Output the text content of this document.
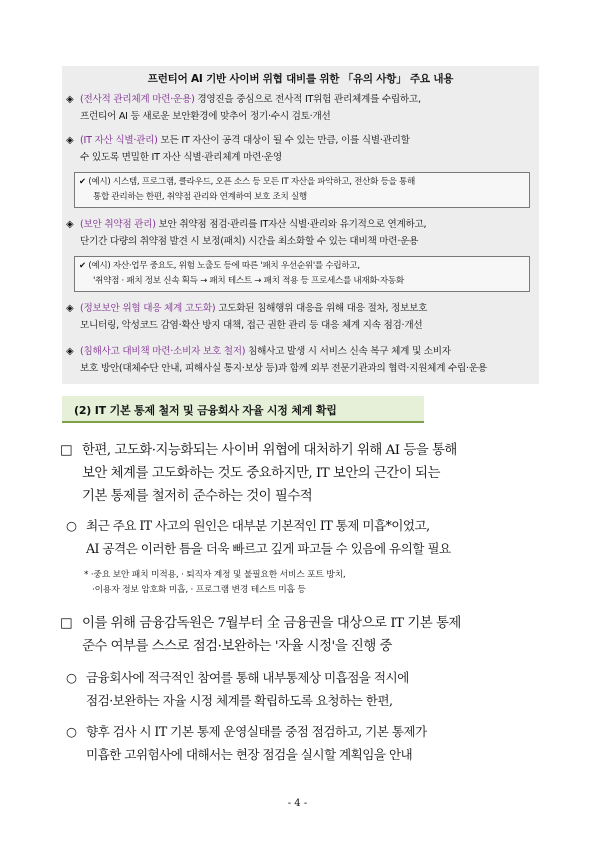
프런티어 AI 기반 사이버 위협 대비를 위한 「유의 사항」 주요 내용
◈ (전사적 관리체계 마련·운용) 경영진을 중심으로 전사적 IT위험 관리체계를 수립하고,
프런티어 AI 등 새로운 보안환경에 맞추어 정기·수시 검토·개선
◈ (IT 자산 식별·관리) 모든 IT 자산이 공격 대상이 될 수 있는 만큼, 이를 식별·관리할
수 있도록 면밀한 IT 자산 식별·관리체계 마련·운영
✔ (예시) 시스템, 프로그램, 클라우드, 오픈 소스 등 모든 IT 자산을 파악하고, 전산화 등을 통해
통합 관리하는 한편, 취약점 관리와 연계하여 보호 조치 실행
◈ (보안 취약점 관리) 보안 취약점 점검·관리를 IT자산 식별·관리와 유기적으로 연계하고,
단기간 다량의 취약점 발견 시 보정(패치) 시간을 최소화할 수 있는 대비책 마련·운용
✔ (예시) 자산·업무 중요도, 위험 노출도 등에 따른 '패치 우선순위'를 수립하고,
'취약점 · 패치 정보 신속 획득 → 패치 테스트 → 패치 적용 등 프로세스를 내재화·자동화
◈ (정보보안 위협 대응 체계 고도화) 고도화된 침해행위 대응을 위해 대응 절차, 정보보호
모니터링, 악성코드 감염·확산 방지 대책, 접근 권한 관리 등 대응 체계 지속 점검·개선
◈ (침해사고 대비책 마련·소비자 보호 철저) 침해사고 발생 시 서비스 신속 복구 체계 및 소비자
보호 방안(대체수단 안내, 피해사실 통지·보상 등)과 함께 외부 전문기관과의 협력·지원체계 수립·운용
(2) IT 기본 통제 철저 및 금융회사 자율 시정 체계 확립
□ 한편, 고도화·지능화되는 사이버 위협에 대처하기 위해 AI 등을 통해
보안 체계를 고도화하는 것도 중요하지만, IT 보안의 근간이 되는
기본 통제를 철저히 준수하는 것이 필수적
○ 최근 주요 IT 사고의 원인은 대부분 기본적인 IT 통제 미흡*이었고,
AI 공격은 이러한 틈을 더욱 빠르고 깊게 파고들 수 있음에 유의할 필요
* ·중요 보안 패치 미적용, · 퇴직자 계정 및 불필요한 서비스 포트 방치,
·이용자 정보 암호화 미흡, · 프로그램 변경 테스트 미흡 등
□ 이를 위해 금융감독원은 7월부터 全 금융권을 대상으로 IT 기본 통제
준수 여부를 스스로 점검·보완하는 '자율 시정'을 진행 중
○ 금융회사에 적극적인 참여를 통해 내부통제상 미흡점을 적시에
점검·보완하는 자율 시정 체계를 확립하도록 요청하는 한편,
○ 향후 검사 시 IT 기본 통제 운영실태를 중점 점검하고, 기본 통제가
미흡한 고위험사에 대해서는 현장 점검을 실시할 계획임을 안내
- 4 -
